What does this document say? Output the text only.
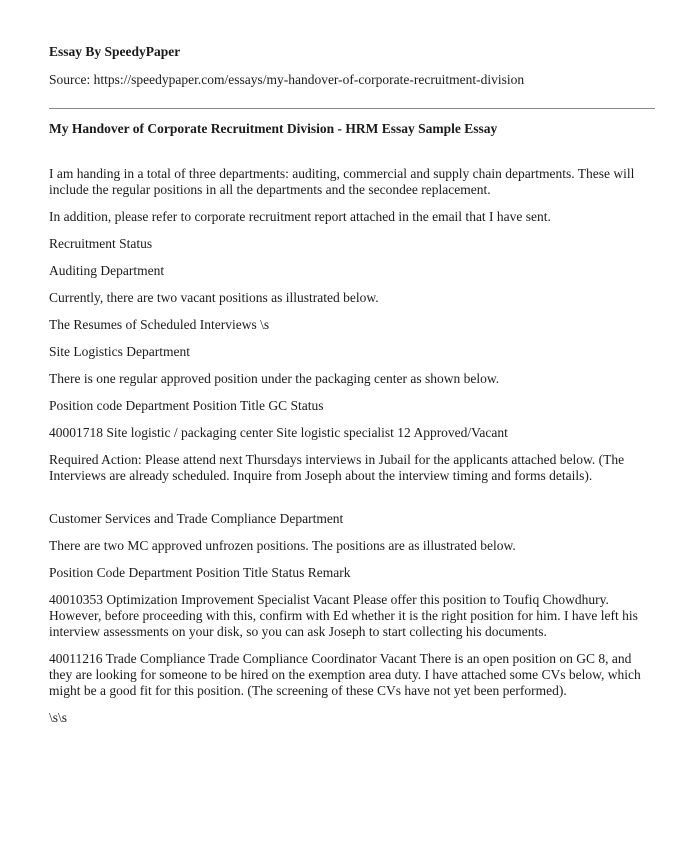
Essay By SpeedyPaper
Source: https://speedypaper.com/essays/my-handover-of-corporate-recruitment-division
My Handover of Corporate Recruitment Division - HRM Essay Sample Essay

I am handing in a total of three departments: auditing, commercial and supply chain departments. These will include the regular positions in all the departments and the secondee replacement.

In addition, please refer to corporate recruitment report attached in the email that I have sent.

Recruitment Status

Auditing Department

Currently, there are two vacant positions as illustrated below.

The Resumes of Scheduled Interviews \s

Site Logistics Department

There is one regular approved position under the packaging center as shown below.

Position code Department Position Title GC Status

40001718 Site logistic / packaging center Site logistic specialist 12 Approved/Vacant

Required Action: Please attend next Thursdays interviews in Jubail for the applicants attached below. (The Interviews are already scheduled. Inquire from Joseph about the interview timing and forms details).

Customer Services and Trade Compliance Department

There are two MC approved unfrozen positions. The positions are as illustrated below.

Position Code Department Position Title Status Remark

40010353 Optimization Improvement Specialist Vacant Please offer this position to Toufiq Chowdhury. However, before proceeding with this, confirm with Ed whether it is the right position for him. I have left his interview assessments on your disk, so you can ask Joseph to start collecting his documents.

40011216 Trade Compliance Trade Compliance Coordinator Vacant There is an open position on GC 8, and they are looking for someone to be hired on the exemption area duty. I have attached some CVs below, which might be a good fit for this position. (The screening of these CVs have not yet been performed).

\s\s
